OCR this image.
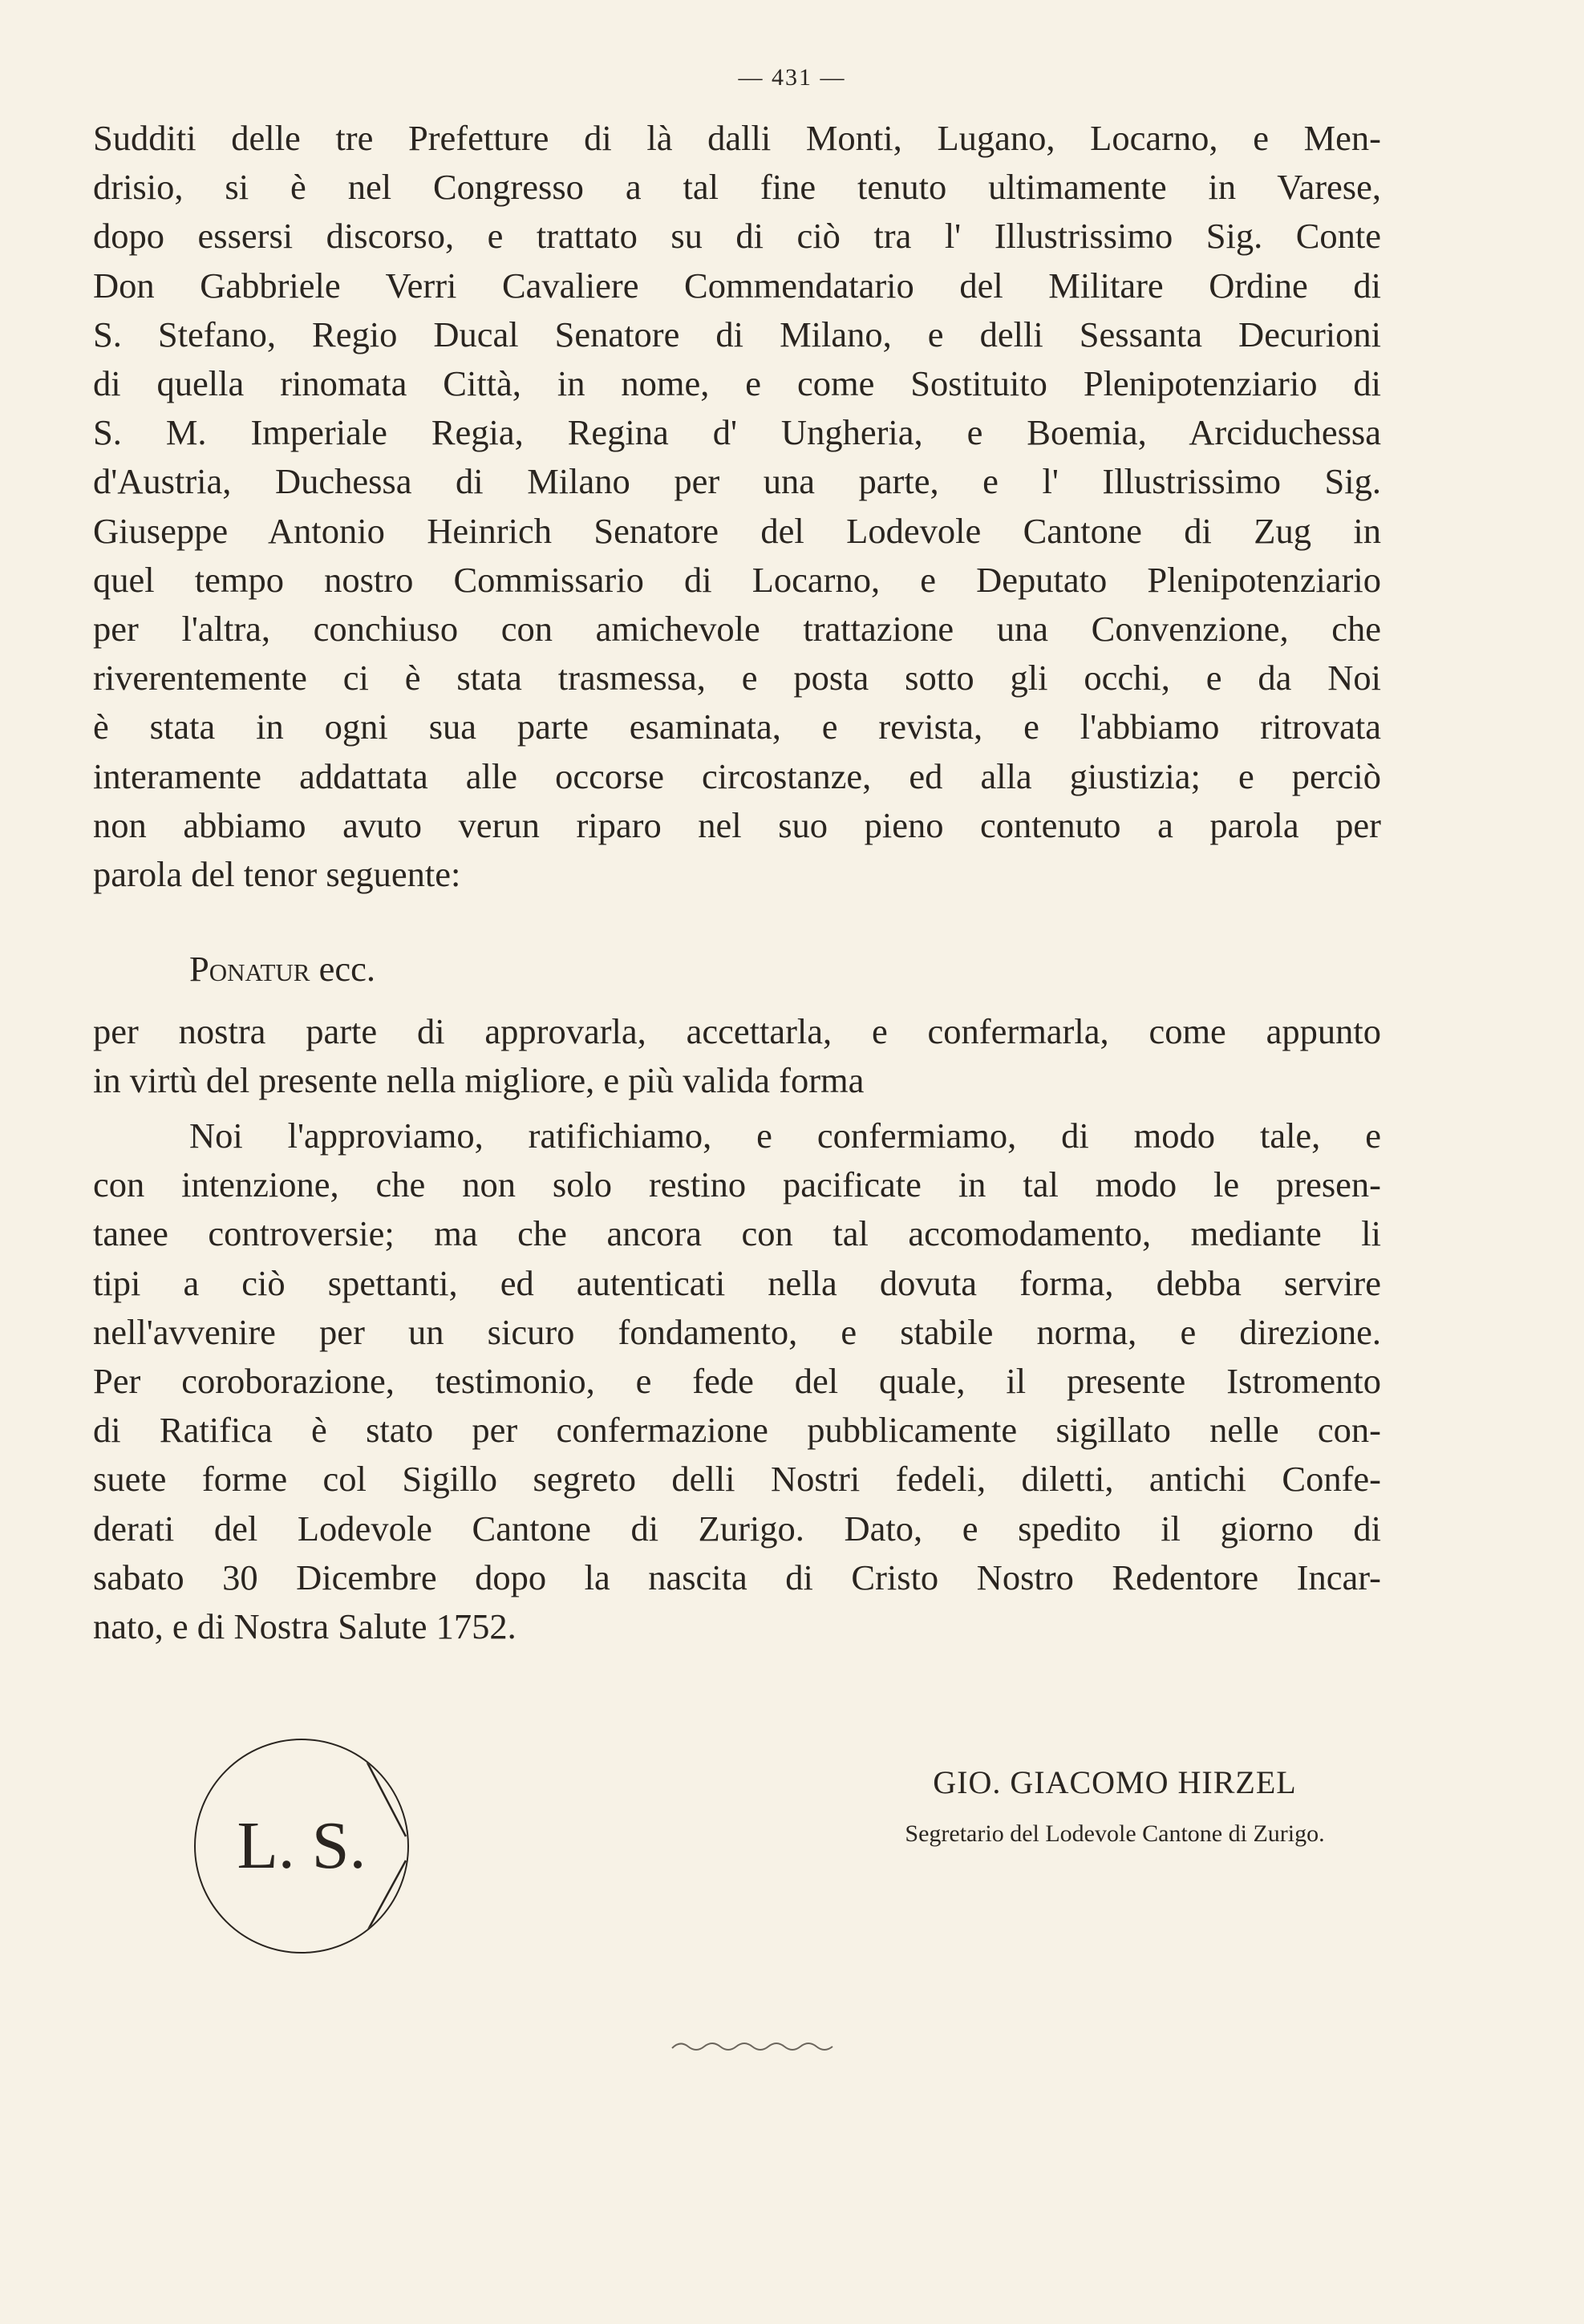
— 431 —
Sudditi delle tre Prefetture di là dalli Monti, Lugano, Locarno, e Men-
drisio, si è nel Congresso a tal fine tenuto ultimamente in Varese,
dopo essersi discorso, e trattato su di ciò tra l' Illustrissimo Sig. Conte
Don Gabbriele Verri Cavaliere Commendatario del Militare Ordine di
S. Stefano, Regio Ducal Senatore di Milano, e delli Sessanta Decurioni
di quella rinomata Città, in nome, e come Sostituito Plenipotenziario di
S. M. Imperiale Regia, Regina d' Ungheria, e Boemia, Arciduchessa
d'Austria, Duchessa di Milano per una parte, e l' Illustrissimo Sig.
Giuseppe Antonio Heinrich Senatore del Lodevole Cantone di Zug in
quel tempo nostro Commissario di Locarno, e Deputato Plenipotenziario
per l'altra, conchiuso con amichevole trattazione una Convenzione, che
riverentemente ci è stata trasmessa, e posta sotto gli occhi, e da Noi
è stata in ogni sua parte esaminata, e revista, e l'abbiamo ritrovata
interamente addattata alle occorse circostanze, ed alla giustizia; e perciò
non abbiamo avuto verun riparo nel suo pieno contenuto a parola per
parola del tenor seguente:
Ponatur ecc.
per nostra parte di approvarla, accettarla, e confermarla, come appunto
in virtù del presente nella migliore, e più valida forma
Noi l'approviamo, ratifichiamo, e confermiamo, di modo tale, e
con intenzione, che non solo restino pacificate in tal modo le presen-
tanee controversie; ma che ancora con tal accomodamento, mediante li
tipi a ciò spettanti, ed autenticati nella dovuta forma, debba servire
nell'avvenire per un sicuro fondamento, e stabile norma, e direzione.
Per coroborazione, testimonio, e fede del quale, il presente Istromento
di Ratifica è stato per confermazione pubblicamente sigillato nelle con-
suete forme col Sigillo segreto delli Nostri fedeli, diletti, antichi Confe-
derati del Lodevole Cantone di Zurigo. Dato, e spedito il giorno di
sabato 30 Dicembre dopo la nascita di Cristo Nostro Redentore Incar-
nato, e di Nostra Salute 1752.
L. S.
GIO. GIACOMO HIRZEL
Segretario del Lodevole Cantone di Zurigo.
